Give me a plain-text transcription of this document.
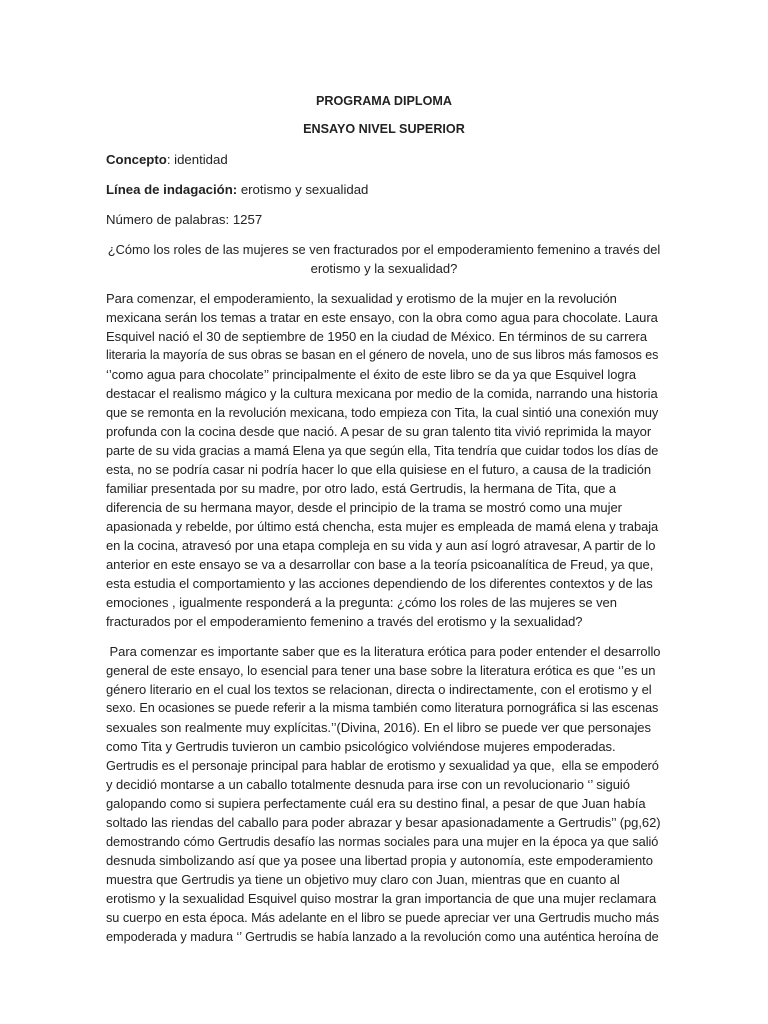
PROGRAMA DIPLOMA

ENSAYO NIVEL SUPERIOR

Concepto: identidad

Línea de indagación: erotismo y sexualidad

Número de palabras: 1257

¿Cómo los roles de las mujeres se ven fracturados por el empoderamiento femenino a través del
erotismo y la sexualidad?
Para comenzar, el empoderamiento, la sexualidad y erotismo de la mujer en la revolución
mexicana serán los temas a tratar en este ensayo, con la obra como agua para chocolate. Laura
Esquivel nació el 30 de septiembre de 1950 en la ciudad de México. En términos de su carrera
literaria la mayoría de sus obras se basan en el género de novela, uno de sus libros más famosos es
‘’como agua para chocolate’’ principalmente el éxito de este libro se da ya que Esquivel logra
destacar el realismo mágico y la cultura mexicana por medio de la comida, narrando una historia
que se remonta en la revolución mexicana, todo empieza con Tita, la cual sintió una conexión muy
profunda con la cocina desde que nació. A pesar de su gran talento tita vivió reprimida la mayor
parte de su vida gracias a mamá Elena ya que según ella, Tita tendría que cuidar todos los días de
esta, no se podría casar ni podría hacer lo que ella quisiese en el futuro, a causa de la tradición
familiar presentada por su madre, por otro lado, está Gertrudis, la hermana de Tita, que a
diferencia de su hermana mayor, desde el principio de la trama se mostró como una mujer
apasionada y rebelde, por último está chencha, esta mujer es empleada de mamá elena y trabaja
en la cocina, atravesó por una etapa compleja en su vida y aun así logró atravesar, A partir de lo
anterior en este ensayo se va a desarrollar con base a la teoría psicoanalítica de Freud, ya que,
esta estudia el comportamiento y las acciones dependiendo de los diferentes contextos y de las
emociones , igualmente responderá a la pregunta: ¿cómo los roles de las mujeres se ven
fracturados por el empoderamiento femenino a través del erotismo y la sexualidad?
Para comenzar es importante saber que es la literatura erótica para poder entender el desarrollo
general de este ensayo, lo esencial para tener una base sobre la literatura erótica es que ‘’es un
género literario en el cual los textos se relacionan, directa o indirectamente, con el erotismo y el
sexo. En ocasiones se puede referir a la misma también como literatura pornográfica si las escenas
sexuales son realmente muy explícitas.’’(Divina, 2016). En el libro se puede ver que personajes
como Tita y Gertrudis tuvieron un cambio psicológico volviéndose mujeres empoderadas.
Gertrudis es el personaje principal para hablar de erotismo y sexualidad ya que,  ella se empoderó
y decidió montarse a un caballo totalmente desnuda para irse con un revolucionario ‘’ siguió
galopando como si supiera perfectamente cuál era su destino final, a pesar de que Juan había
soltado las riendas del caballo para poder abrazar y besar apasionadamente a Gertrudis’’ (pg,62)
demostrando cómo Gertrudis desafío las normas sociales para una mujer en la época ya que salió
desnuda simbolizando así que ya posee una libertad propia y autonomía, este empoderamiento
muestra que Gertrudis ya tiene un objetivo muy claro con Juan, mientras que en cuanto al
erotismo y la sexualidad Esquivel quiso mostrar la gran importancia de que una mujer reclamara
su cuerpo en esta época. Más adelante en el libro se puede apreciar ver una Gertrudis mucho más
empoderada y madura ‘’ Gertrudis se había lanzado a la revolución como una auténtica heroína de
